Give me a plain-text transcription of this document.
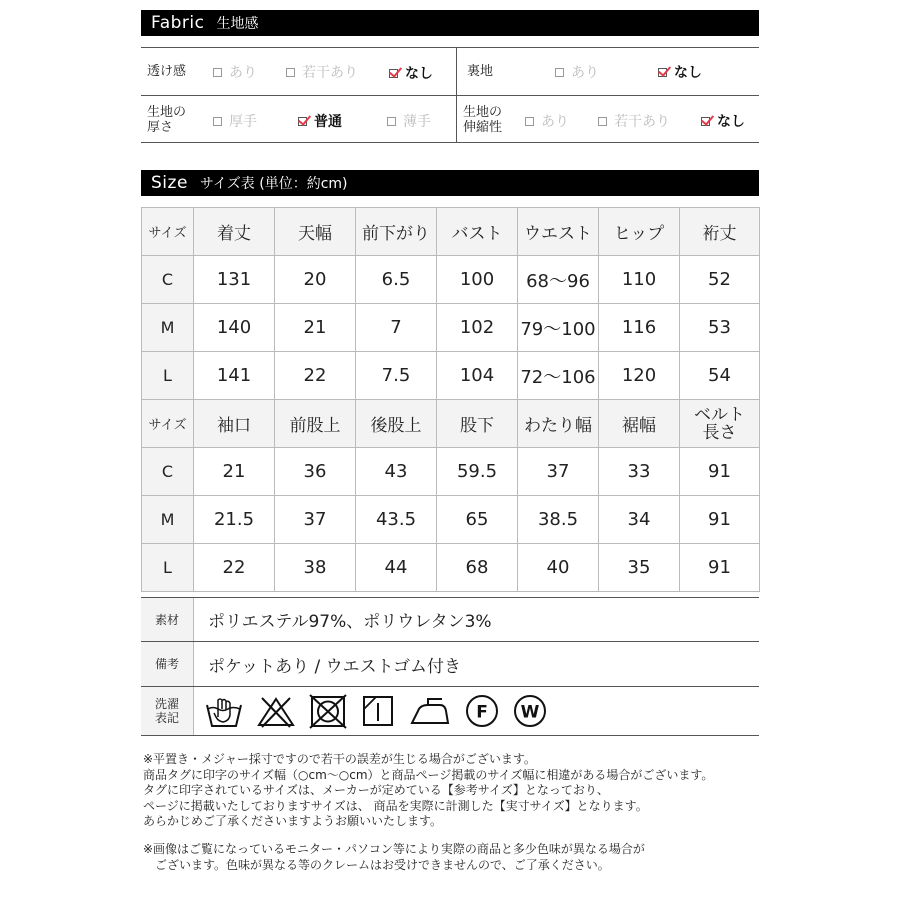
Fabric 生地感
透け感	あり	若干あり	なし	裏地	あり	なし
生地の
厚さ	厚手	普通	薄手
生地の
伸縮性	あり	若干あり	なし
Size サイズ表 (単位：約cm)
サイズ	着丈	天幅	前下がり	バスト	ウエスト	ヒップ	裄丈
C	131	20	6.5	100	68〜96	110	52
M	140	21	7	102	79〜100	116	53
L	141	22	7.5	104	72〜106	120	54
サイズ	袖口	前股上	後股上	股下	わたり幅	裾幅	ベルト
長さ

C	21	36	43	59.5	37	33	91
M	21.5	37	43.5	65	38.5	34	91
L	22	38	44	68	40	35	91
素材	ポリエステル97%、ポリウレタン3%
備考	ポケットあり / ウエストゴム付き
洗濯
表記	F W
※平置き・メジャー採寸ですので若干の誤差が生じる場合がございます。
商品タグに印字のサイズ幅（○cm〜○cm）と商品ページ掲載のサイズ幅に相違がある場合がございます。
タグに印字されているサイズは、メーカーが定めている【参考サイズ】となっており、
ページに掲載いたしておりますサイズは、 商品を実際に計測した【実寸サイズ】となります。
あらかじめご了承くださいますようお願いいたします。
※画像はご覧になっているモニター・パソコン等により実際の商品と多少色味が異なる場合が
　ございます。色味が異なる等のクレームはお受けできませんので、ご了承ください。
